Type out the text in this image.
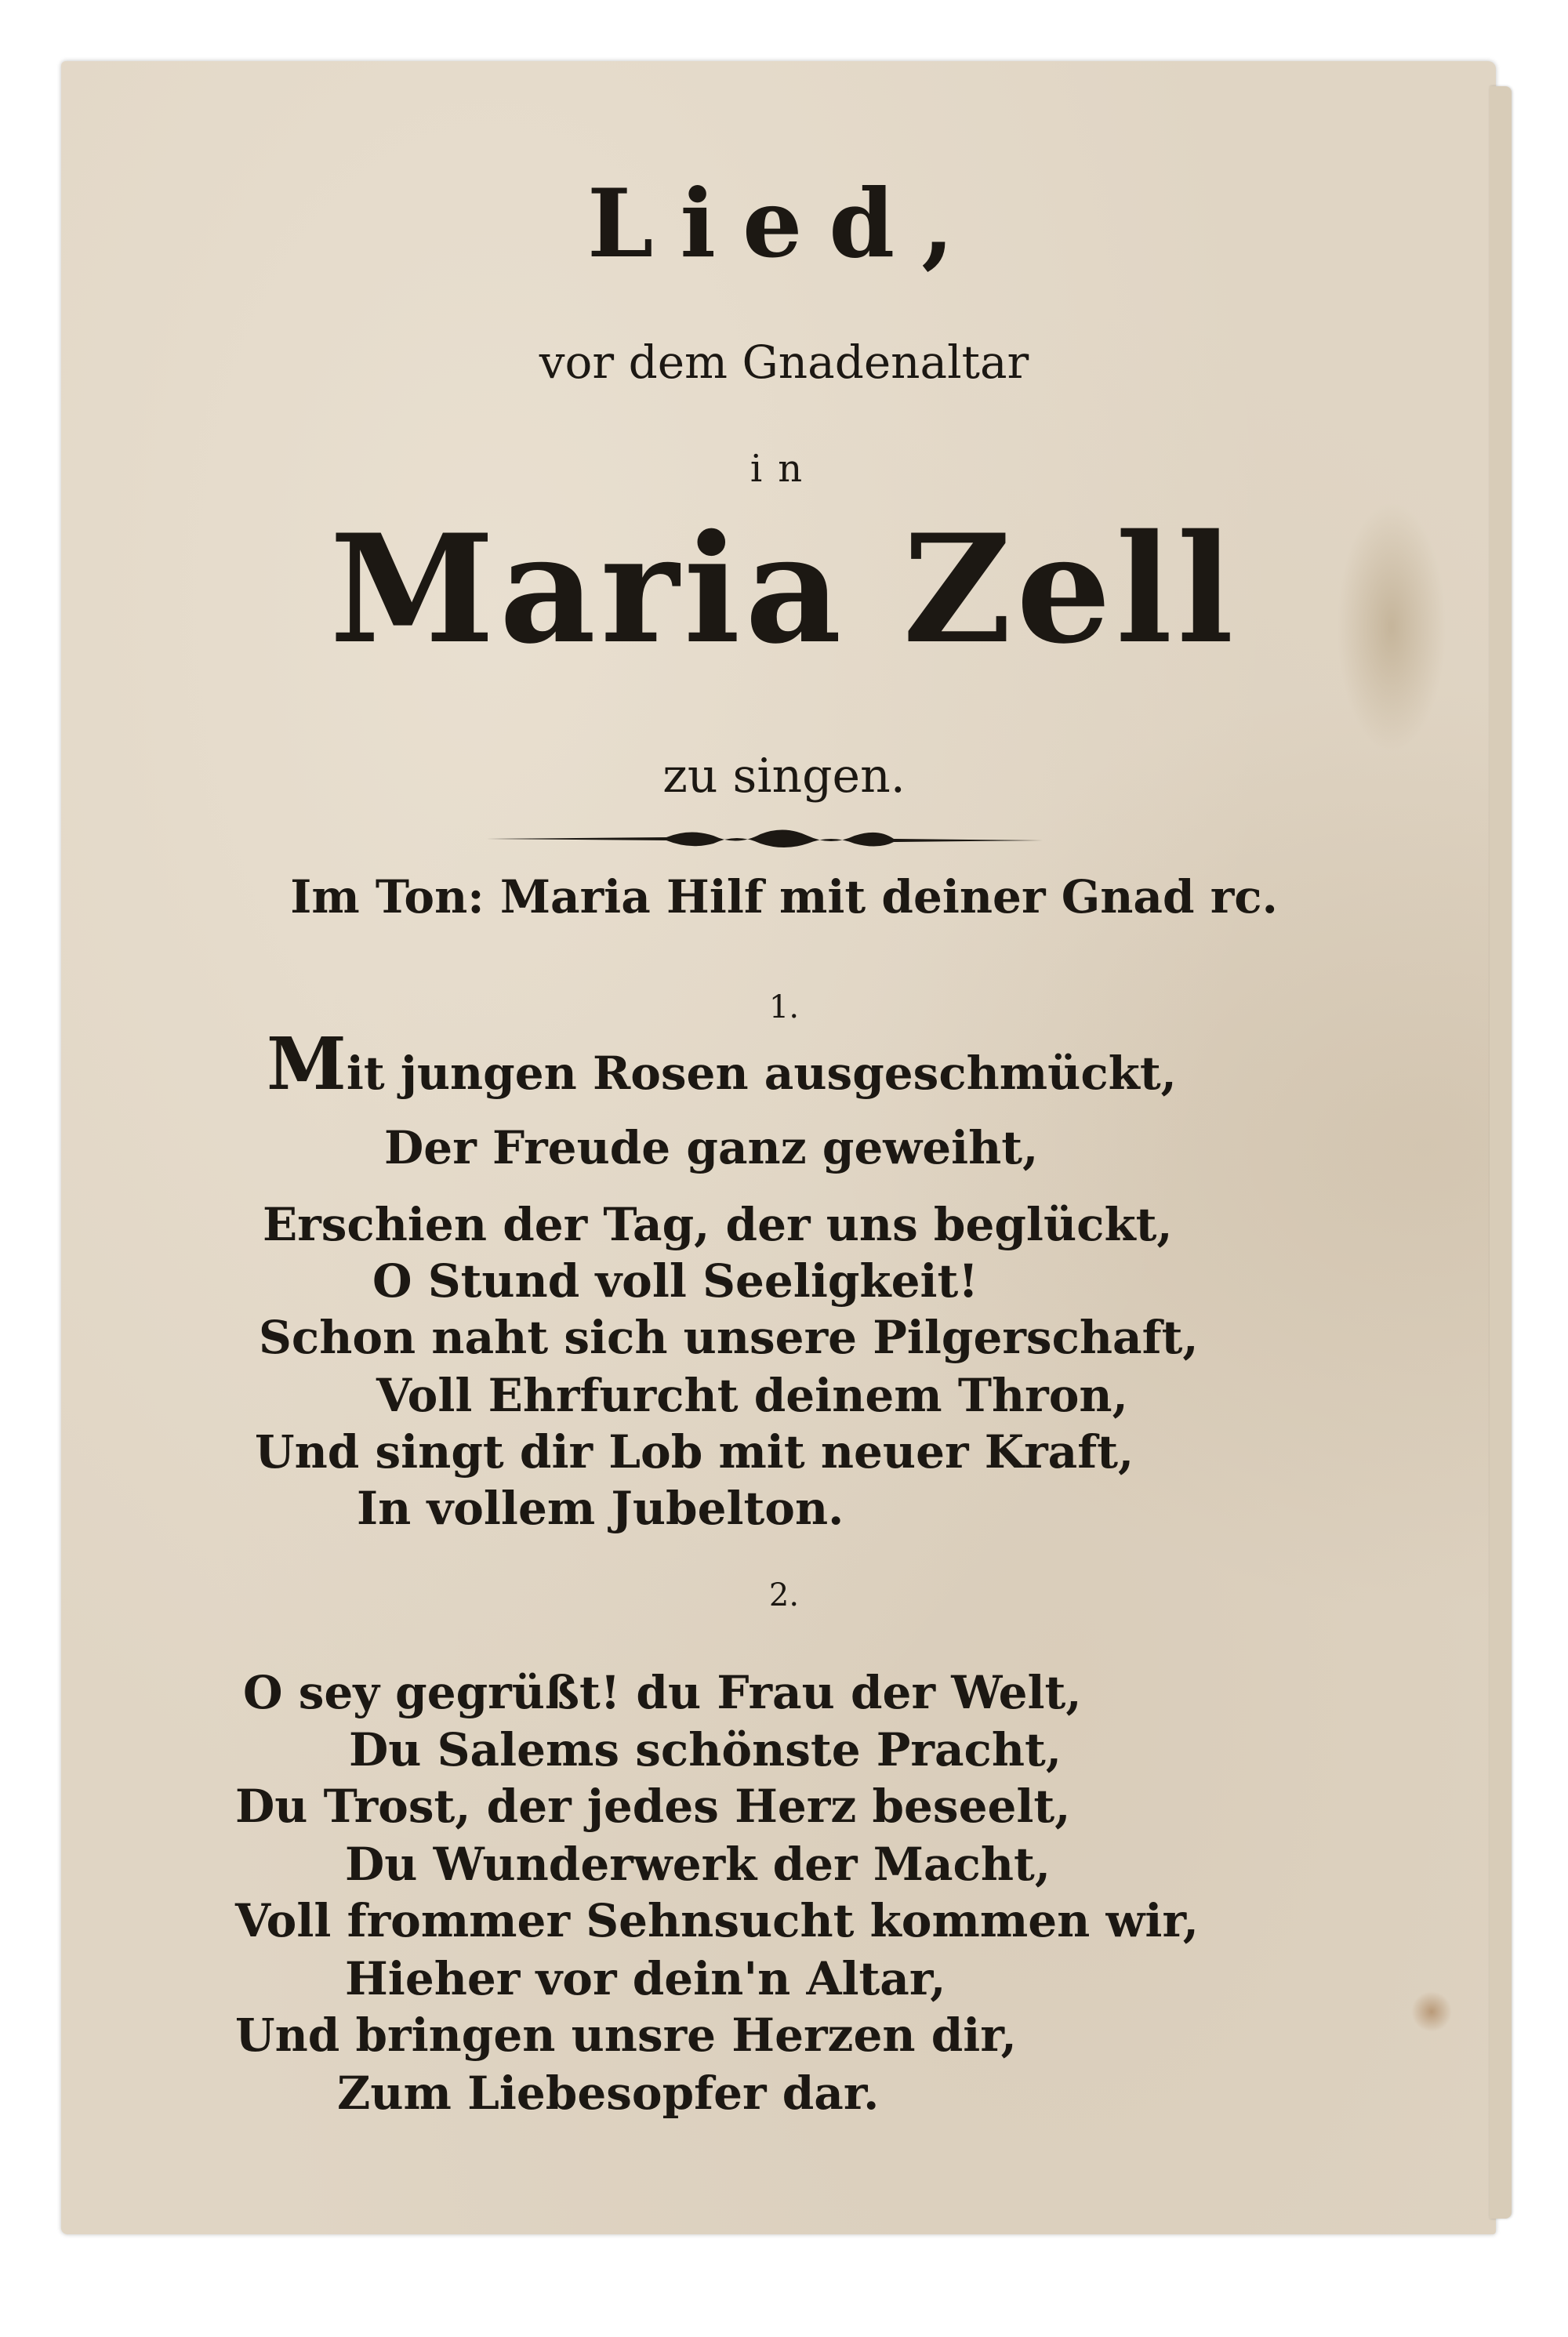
Lied,
vor dem Gnadenaltar
in
Maria Zell
zu singen.
Im Ton: Maria Hilf mit deiner Gnad rc.
1.
Mit jungen Rosen ausgeschmückt,
Der Freude ganz geweiht,
Erschien der Tag, der uns beglückt,
O Stund voll Seeligkeit!
Schon naht sich unsere Pilgerschaft,
Voll Ehrfurcht deinem Thron,
Und singt dir Lob mit neuer Kraft,
In vollem Jubelton.
2.
O sey gegrüßt! du Frau der Welt,
Du Salems schönste Pracht,
Du Trost, der jedes Herz beseelt,
Du Wunderwerk der Macht,
Voll frommer Sehnsucht kommen wir,
Hieher vor dein'n Altar,
Und bringen unsre Herzen dir,
Zum Liebesopfer dar.
